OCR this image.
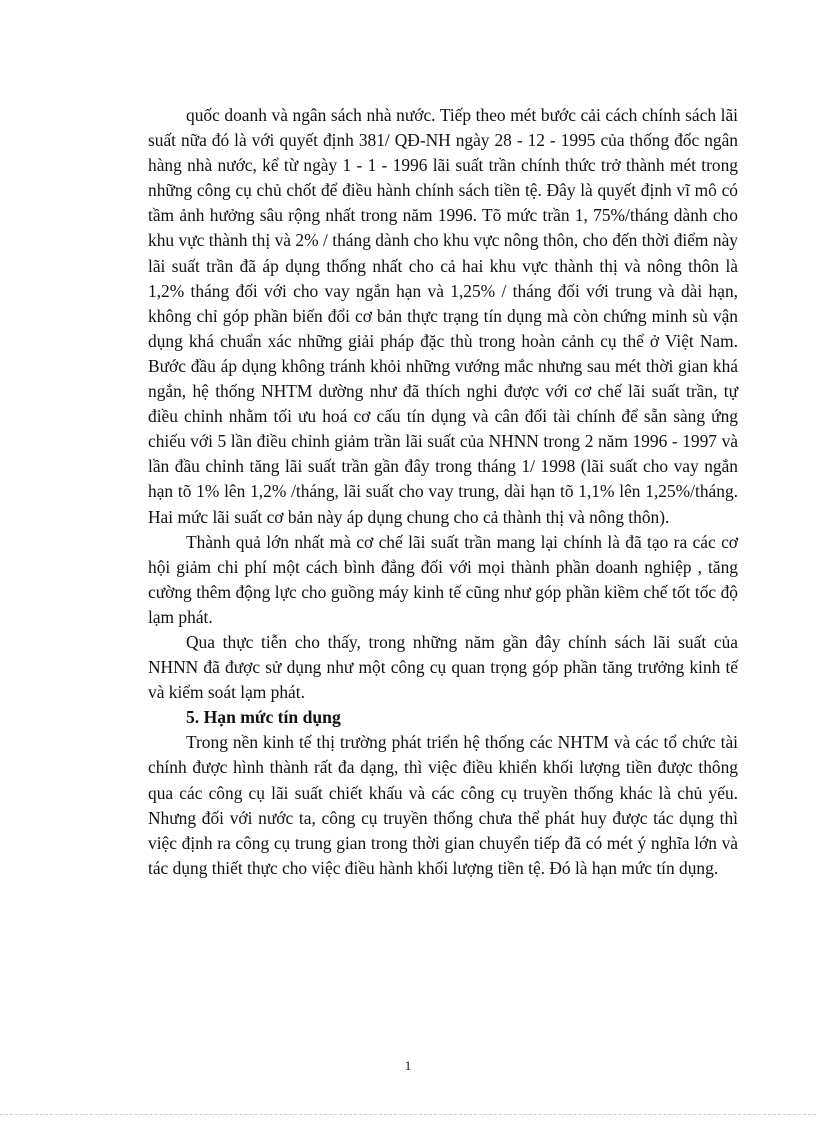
quốc doanh và ngân sách nhà nước. Tiếp theo mét bước cải cách chính sách lãi suất nữa đó là với quyết định 381/ QĐ-NH ngày 28 - 12 - 1995 của thống đốc ngân hàng nhà nước, kể từ ngày 1 - 1 - 1996 lãi suất trần chính thức trở thành mét trong những công cụ chủ chốt để điều hành chính sách tiền tệ. Đây là quyết định vĩ mô có tầm ảnh hưởng sâu rộng nhất trong năm 1996. Tõ mức trần 1, 75%/tháng dành cho khu vực thành thị và 2% / tháng dành cho khu vực nông thôn, cho đến thời điểm này lãi suất trần đã áp dụng thống nhất cho cả hai khu vực thành thị và nông thôn là 1,2% tháng đối với cho vay ngắn hạn và 1,25% / tháng đối với trung và dài hạn, không chỉ góp phần biến đổi cơ bản thực trạng tín dụng mà còn chứng minh sù vận dụng khá chuẩn xác những giải pháp đặc thù trong hoàn cảnh cụ thể ở Việt Nam. Bước đầu áp dụng không tránh khỏi những vướng mắc nhưng sau mét thời gian khá ngắn, hệ thống NHTM dường như đã thích nghi được với cơ chế lãi suất trần, tự điều chỉnh nhằm tối ưu hoá cơ cấu tín dụng và cân đối tài chính để sẵn sàng ứng chiếu với 5 lần điều chỉnh giảm trần lãi suất của NHNN trong 2 năm 1996 - 1997 và lần đầu chỉnh tăng lãi suất trần gần đây trong tháng 1/ 1998 (lãi suất cho vay ngắn hạn tõ 1% lên 1,2% /tháng, lãi suất cho vay trung, dài hạn tõ 1,1% lên 1,25%/tháng. Hai mức lãi suất cơ bản này áp dụng chung cho cả thành thị và nông thôn).

Thành quả lớn nhất mà cơ chế lãi suất trần mang lại chính là đã tạo ra các cơ hội giảm chi phí một cách bình đẳng đối với mọi thành phần doanh nghiệp , tăng cường thêm động lực cho guồng máy kinh tế cũng như góp phần kiềm chế tốt tốc độ lạm phát.

Qua thực tiễn cho thấy, trong những năm gần đây chính sách lãi suất của NHNN đã được sử dụng như một công cụ quan trọng góp phần tăng trưởng kinh tế và kiểm soát lạm phát.

5. Hạn mức tín dụng

Trong nền kinh tế thị trường phát triển hệ thống các NHTM và các tổ chức tài chính được hình thành rất đa dạng, thì việc điều khiển khối lượng tiền được thông qua các công cụ lãi suất chiết khấu và các công cụ truyền thống khác là chủ yếu. Nhưng đối với nước ta, công cụ truyền thống chưa thể phát huy được tác dụng thì việc định ra công cụ trung gian trong thời gian chuyển tiếp đã có mét ý nghĩa lớn và tác dụng thiết thực cho việc điều hành khối lượng tiền tệ. Đó là hạn mức tín dụng.

1
